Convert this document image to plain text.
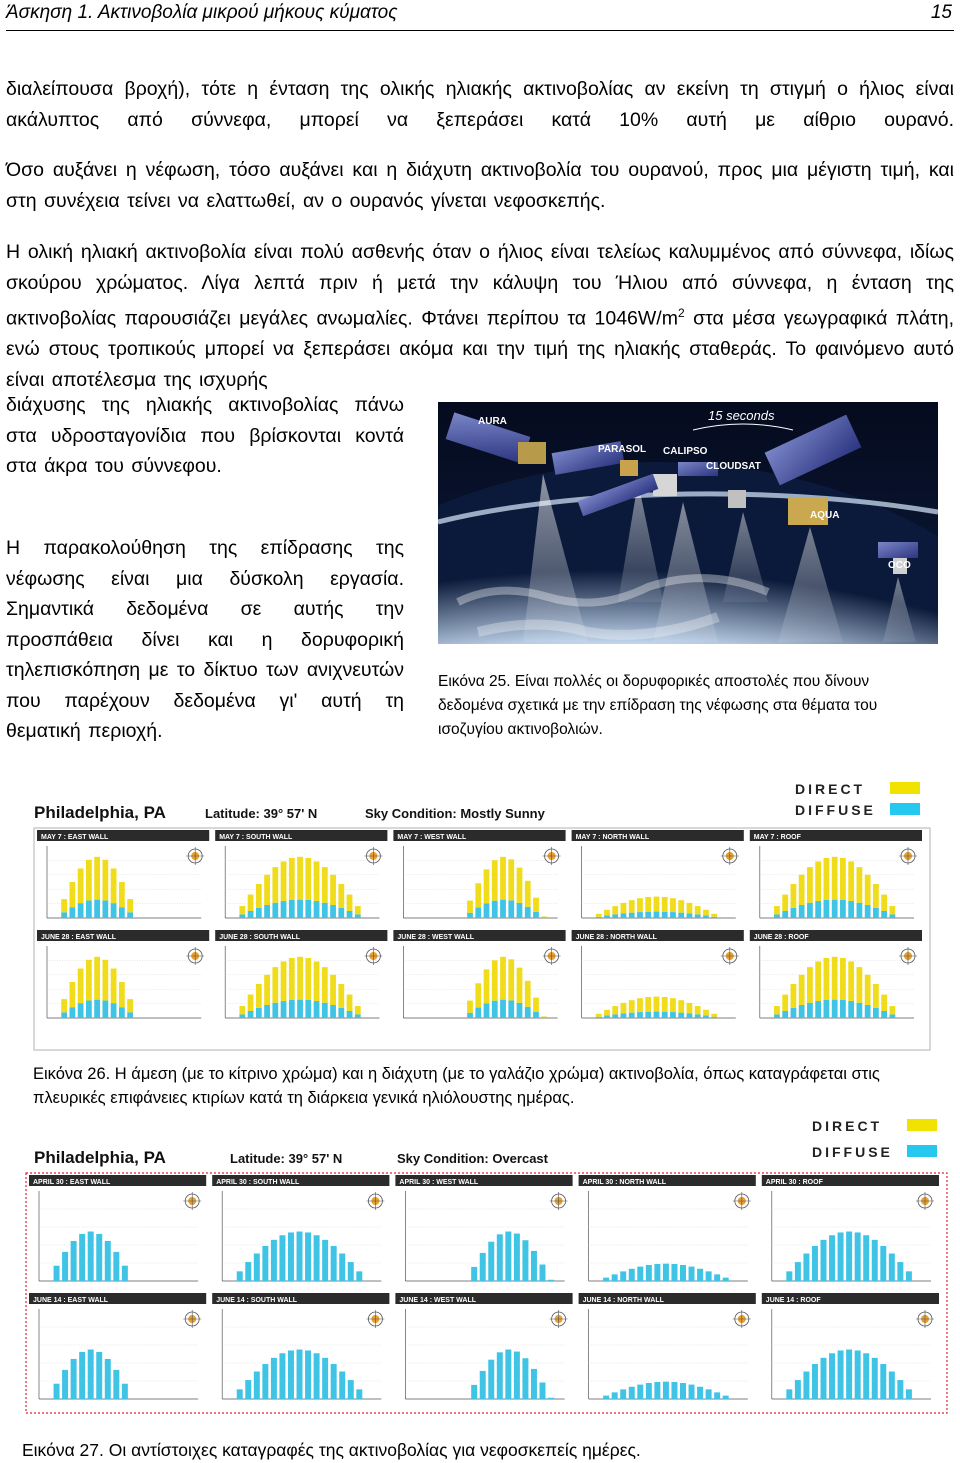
Άσκηση 1. Ακτινοβολία μικρού μήκους κύματος	15
διαλείπουσα βροχή), τότε η ένταση της ολικής ηλιακής ακτινοβολίας αν εκείνη τη στιγμή ο ήλιος είναι ακάλυπτος από σύννεφα, μπορεί να ξεπεράσει κατά 10% αυτή με αίθριο ουρανό.
Όσο αυξάνει η νέφωση, τόσο αυξάνει και η διάχυτη ακτινοβολία του ουρανού, προς μια μέγιστη τιμή, και στη συνέχεια τείνει να ελαττωθεί, αν ο ουρανός γίνεται νεφοσκεπής.
Η ολική ηλιακή ακτινοβολία είναι πολύ ασθενής όταν ο ήλιος είναι τελείως καλυμμένος από σύννεφα, ιδίως σκούρου χρώματος. Λίγα λεπτά πριν ή μετά την κάλυψη του Ήλιου από σύννεφα, η ένταση της ακτινοβολίας παρουσιάζει μεγάλες ανωμαλίες. Φτάνει περίπου τα $1046W/m^2$ στα μέσα γεωγραφικά πλάτη, ενώ στους τροπικούς μπορεί να ξεπεράσει ακόμα και την τιμή της ηλιακής σταθεράς. Το φαινόμενο αυτό είναι αποτέλεσμα της ισχυρής
διάχυσης της ηλιακής ακτινοβολίας πάνω στα υδροσταγονίδια που βρίσκονται κοντά στα άκρα του σύννεφου.
Η παρακολούθηση της επίδρασης της νέφωσης είναι μια δύσκολη εργασία. Σημαντικά δεδομένα σε αυτής την προσπάθεια δίνει και η δορυφορική τηλεπισκόπηση με το δίκτυο των ανιχνευτών που παρέχουν δεδομένα γι' αυτή τη θεματική περιοχή.
AURA
PARASOL CALIPSO
CLOUDSAT
15 seconds
AQUA
OCO
Εικόνα 25. Είναι πολλές οι δορυφορικές αποστολές που δίνουν δεδομένα σχετικά με την επίδραση της νέφωσης στα θέματα του ισοζυγίου ακτινοβολιών.
Philadelphia, PA	Latitude: 39° 57' N	Sky Condition: Mostly Sunny
DIRECT
DIFFUSE
MAY 7 : EAST WALL	MAY 7 : SOUTH WALL	MAY 7 : WEST WALL	MAY 7 : NORTH WALL	MAY 7 : ROOF
JUNE 28 : EAST WALL	JUNE 28 : SOUTH WALL	JUNE 28 : WEST WALL	JUNE 28 : NORTH WALL	JUNE 28 : ROOF
Εικόνα 26. Η άμεση (με το κίτρινο χρώμα) και η διάχυτη (με το γαλάζιο χρώμα) ακτινοβολία, όπως καταγράφεται στις πλευρικές επιφάνειες κτιρίων κατά τη διάρκεια γενικά ηλιόλουστης ημέρας.
Philadelphia, PA	Latitude: 39° 57' N	Sky Condition: Overcast
DIRECT
DIFFUSE
APRIL 30 : EAST WALL	APRIL 30 : SOUTH WALL	APRIL 30 : WEST WALL	APRIL 30 : NORTH WALL	APRIL 30 : ROOF
JUNE 14 : EAST WALL	JUNE 14 : SOUTH WALL	JUNE 14 : WEST WALL	JUNE 14 : NORTH WALL	JUNE 14 : ROOF
Εικόνα 27. Οι αντίστοιχες καταγραφές της ακτινοβολίας για νεφοσκεπείς ημέρες.
